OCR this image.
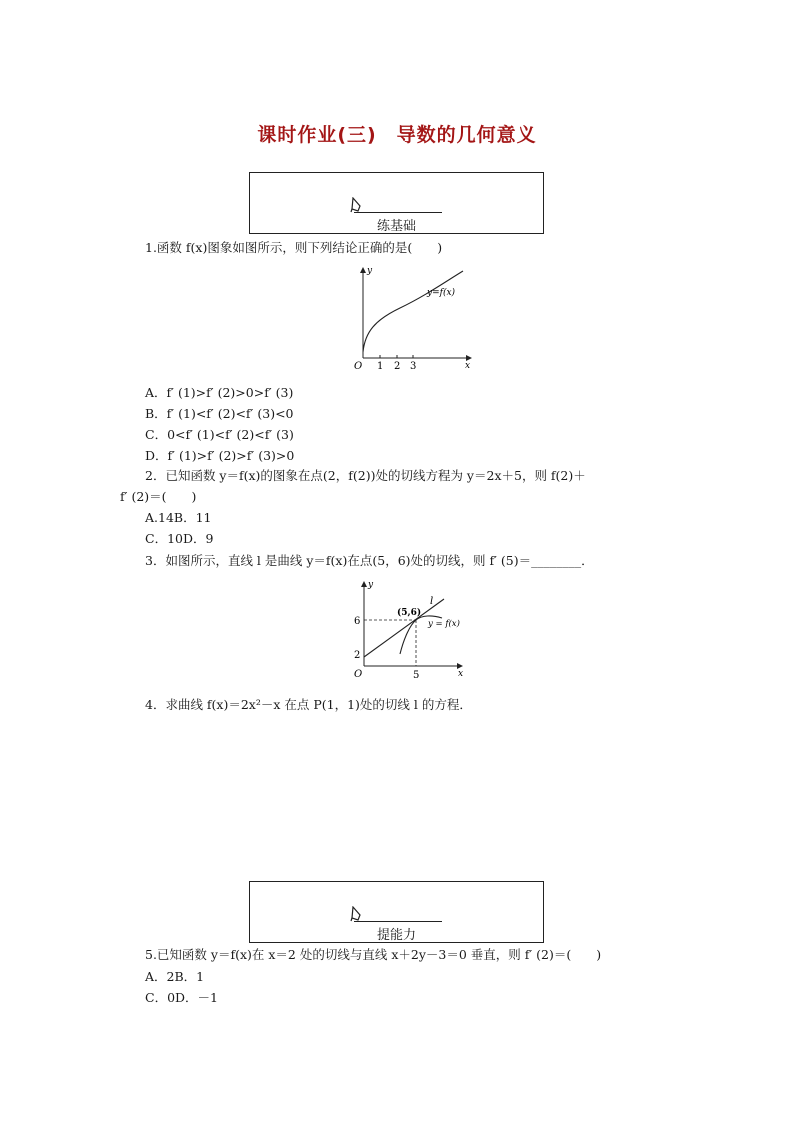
课时作业(三)　导数的几何意义
练基础
1.函数 f(x)图象如图所示，则下列结论正确的是(　　)
y
x
O 1 2 3
y=f(x)
A．f′ (1)>f′ (2)>0>f′ (3)
B．f′ (1)<f′ (2)<f′ (3)<0
C．0<f′ (1)<f′ (2)<f′ (3)
D．f′ (1)>f′ (2)>f′ (3)>0
2．已知函数 y＝f(x)的图象在点(2，f(2))处的切线方程为 y＝2x＋5，则 f(2)＋
f′ (2)＝(　　)
A.14B．11
C．10D．9
3．如图所示，直线 l 是曲线 y＝f(x)在点(5，6)处的切线，则 f′ (5)＝________．
y
x
O
6
2
5
(5,6)
l
y = f(x)
4．求曲线 f(x)＝2x²－x 在点 P(1，1)处的切线 l 的方程．
提能力
5.已知函数 y＝f(x)在 x＝2 处的切线与直线 x＋2y－3＝0 垂直，则 f′ (2)＝(　　)
A．2B．1
C．0D．－1
